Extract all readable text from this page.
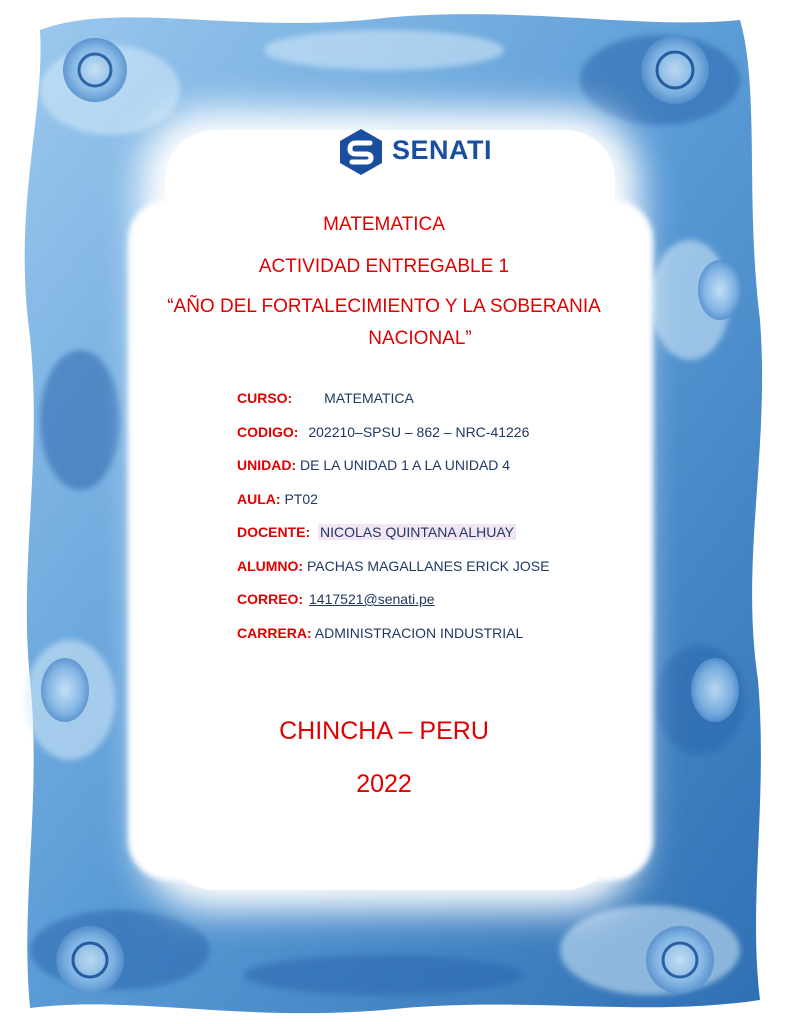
SENATI
MATEMATICA
ACTIVIDAD ENTREGABLE 1
“AÑO DEL FORTALECIMIENTO Y LA SOBERANIA
NACIONAL”
CURSO: MATEMATICA
CODIGO: 202210–SPSU – 862 – NRC-41226
UNIDAD: DE LA UNIDAD 1 A LA UNIDAD 4
AULA: PT02
DOCENTE: NICOLAS QUINTANA ALHUAY
ALUMNO: PACHAS MAGALLANES ERICK JOSE
CORREO: 1417521@senati.pe
CARRERA: ADMINISTRACION INDUSTRIAL
CHINCHA – PERU
2022
